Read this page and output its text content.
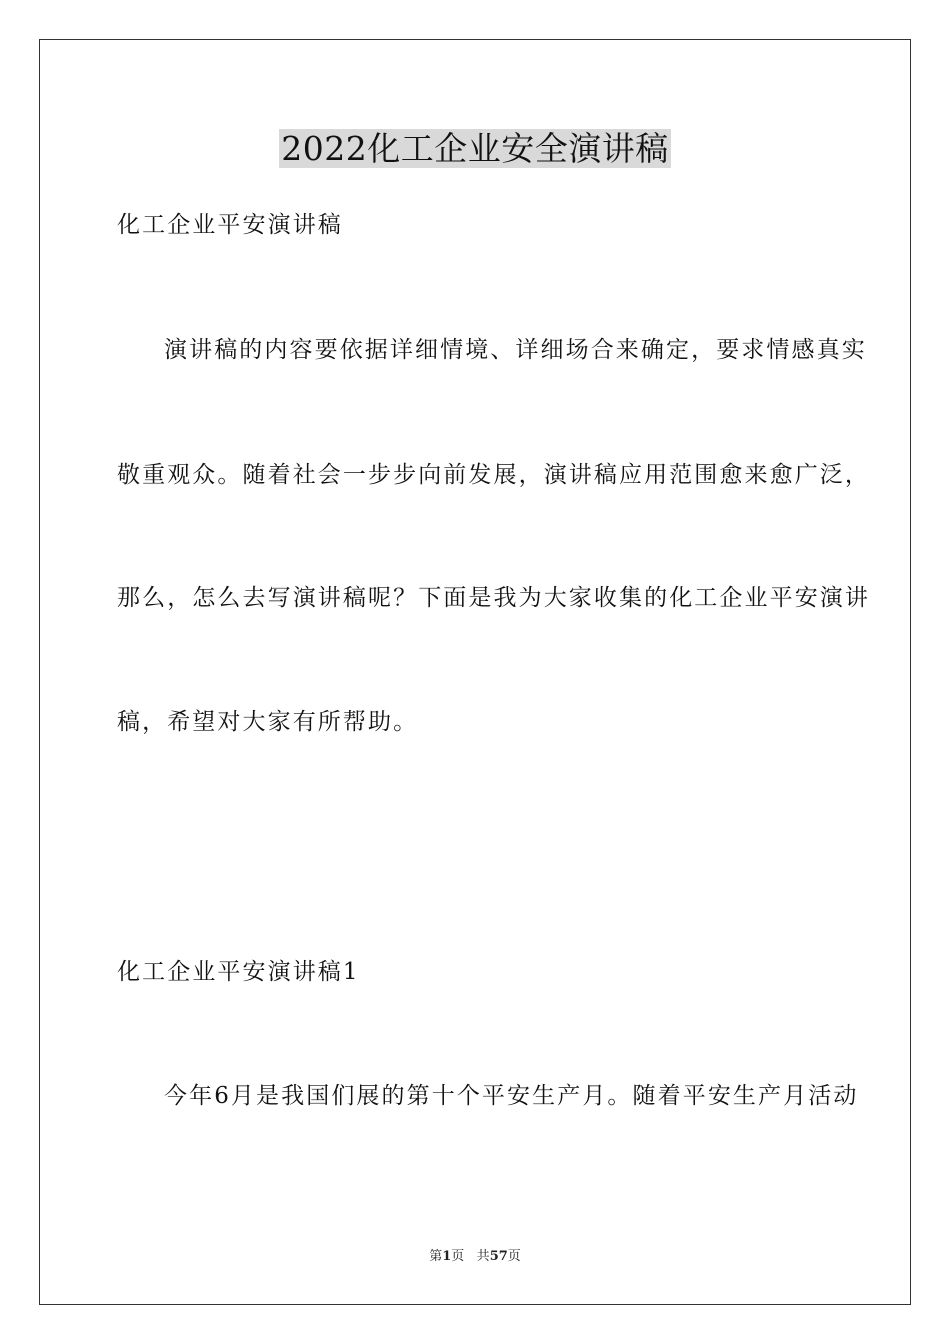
2022化工企业安全演讲稿

化工企业平安演讲稿

演讲稿的内容要依据详细情境、详细场合来确定，要求情感真实

敬重观众。随着社会一步步向前发展，演讲稿应用范围愈来愈广泛，

那么，怎么去写演讲稿呢？下面是我为大家收集的化工企业平安演讲

稿，希望对大家有所帮助。

化工企业平安演讲稿1

今年6月是我国们展的第十个平安生产月。随着平安生产月活动

第1页 共57页
